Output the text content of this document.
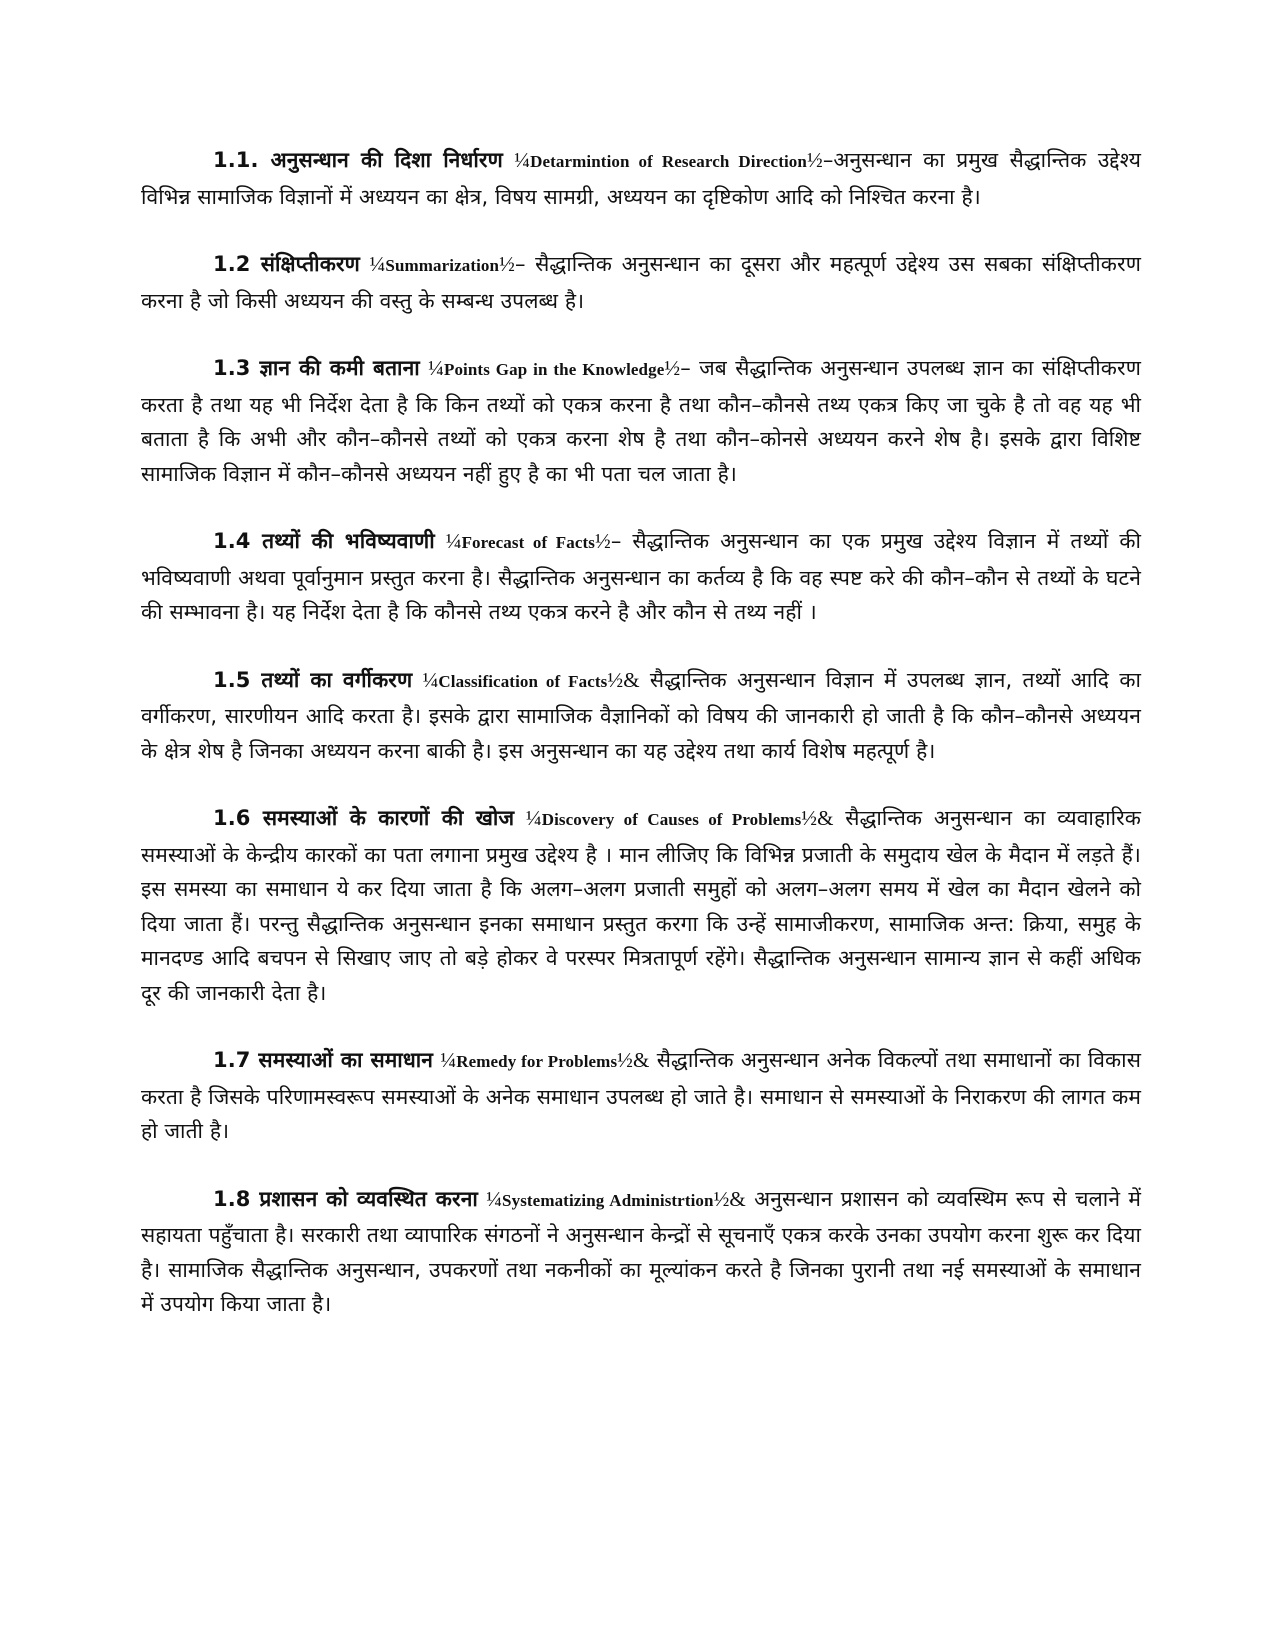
1.1. अनुसन्धान की दिशा निर्धारण ¼Detarmintion of Research Direction½–अनुसन्धान का प्रमुख सैद्धान्तिक उद्देश्य विभिन्न सामाजिक विज्ञानों में अध्ययन का क्षेत्र, विषय सामग्री, अध्ययन का दृष्टिकोण आदि को निश्चित करना है।

1.2 संक्षिप्तीकरण ¼Summarization½– सैद्धान्तिक अनुसन्धान का दूसरा और महत्पूर्ण उद्देश्य उस सबका संक्षिप्तीकरण करना है जो किसी अध्ययन की वस्तु के सम्बन्ध उपलब्ध है।

1.3 ज्ञान की कमी बताना ¼Points Gap in the Knowledge½– जब सैद्धान्तिक अनुसन्धान उपलब्ध ज्ञान का संक्षिप्तीकरण करता है तथा यह भी निर्देश देता है कि किन तथ्यों को एकत्र करना है तथा कौन–कौनसे तथ्य एकत्र किए जा चुके है तो वह यह भी बताता है कि अभी और कौन–कौनसे तथ्यों को एकत्र करना शेष है तथा कौन–कोनसे अध्ययन करने शेष है। इसके द्वारा विशिष्ट सामाजिक विज्ञान में कौन–कौनसे अध्ययन नहीं हुए है का भी पता चल जाता है।

1.4 तथ्यों की भविष्यवाणी ¼Forecast of Facts½– सैद्धान्तिक अनुसन्धान का एक प्रमुख उद्देश्य विज्ञान में तथ्यों की भविष्यवाणी अथवा पूर्वानुमान प्रस्तुत करना है। सैद्धान्तिक अनुसन्धान का कर्तव्य है कि वह स्पष्ट करे की कौन–कौन से तथ्यों के घटने की सम्भावना है। यह निर्देश देता है कि कौनसे तथ्य एकत्र करने है और कौन से तथ्य नहीं ।

1.5 तथ्यों का वर्गीकरण ¼Classification of Facts½& सैद्धान्तिक अनुसन्धान विज्ञान में उपलब्ध ज्ञान, तथ्यों आदि का वर्गीकरण, सारणीयन आदि करता है। इसके द्वारा सामाजिक वैज्ञानिकों को विषय की जानकारी हो जाती है कि कौन–कौनसे अध्ययन के क्षेत्र शेष है जिनका अध्ययन करना बाकी है। इस अनुसन्धान का यह उद्देश्य तथा कार्य विशेष महत्पूर्ण है।

1.6 समस्याओं के कारणों की खोज ¼Discovery of Causes of Problems½& सैद्धान्तिक अनुसन्धान का व्यवाहारिक समस्याओं के केन्द्रीय कारकों का पता लगाना प्रमुख उद्देश्य है । मान लीजिए कि विभिन्न प्रजाती के समुदाय खेल के मैदान में लड़ते हैं। इस समस्या का समाधान ये कर दिया जाता है कि अलग–अलग प्रजाती समुहों को अलग–अलग समय में खेल का मैदान खेलने को दिया जाता हैं। परन्तु सैद्धान्तिक अनुसन्धान इनका समाधान प्रस्तुत करगा कि उन्हें सामाजीकरण, सामाजिक अन्त: क्रिया, समुह के मानदण्ड आदि बचपन से सिखाए जाए तो बड़े होकर वे परस्पर मित्रतापूर्ण रहेंगे। सैद्धान्तिक अनुसन्धान सामान्य ज्ञान से कहीं अधिक दूर की जानकारी देता है।

1.7 समस्याओं का समाधान ¼Remedy for Problems½& सैद्धान्तिक अनुसन्धान अनेक विकल्पों तथा समाधानों का विकास करता है जिसके परिणामस्वरूप समस्याओं के अनेक समाधान उपलब्ध हो जाते है। समाधान से समस्याओं के निराकरण की लागत कम हो जाती है।

1.8 प्रशासन को व्यवस्थित करना ¼Systematizing Administrtion½& अनुसन्धान प्रशासन को व्यवस्थिम रूप से चलाने में सहायता पहुँचाता है। सरकारी तथा व्यापारिक संगठनों ने अनुसन्धान केन्द्रों से सूचनाऍं एकत्र करके उनका उपयोग करना शुरू कर दिया है। सामाजिक सैद्धान्तिक अनुसन्धान, उपकरणों तथा नकनीकों का मूल्यांकन करते है जिनका पुरानी तथा नई समस्याओं के समाधान में उपयोग किया जाता है।
